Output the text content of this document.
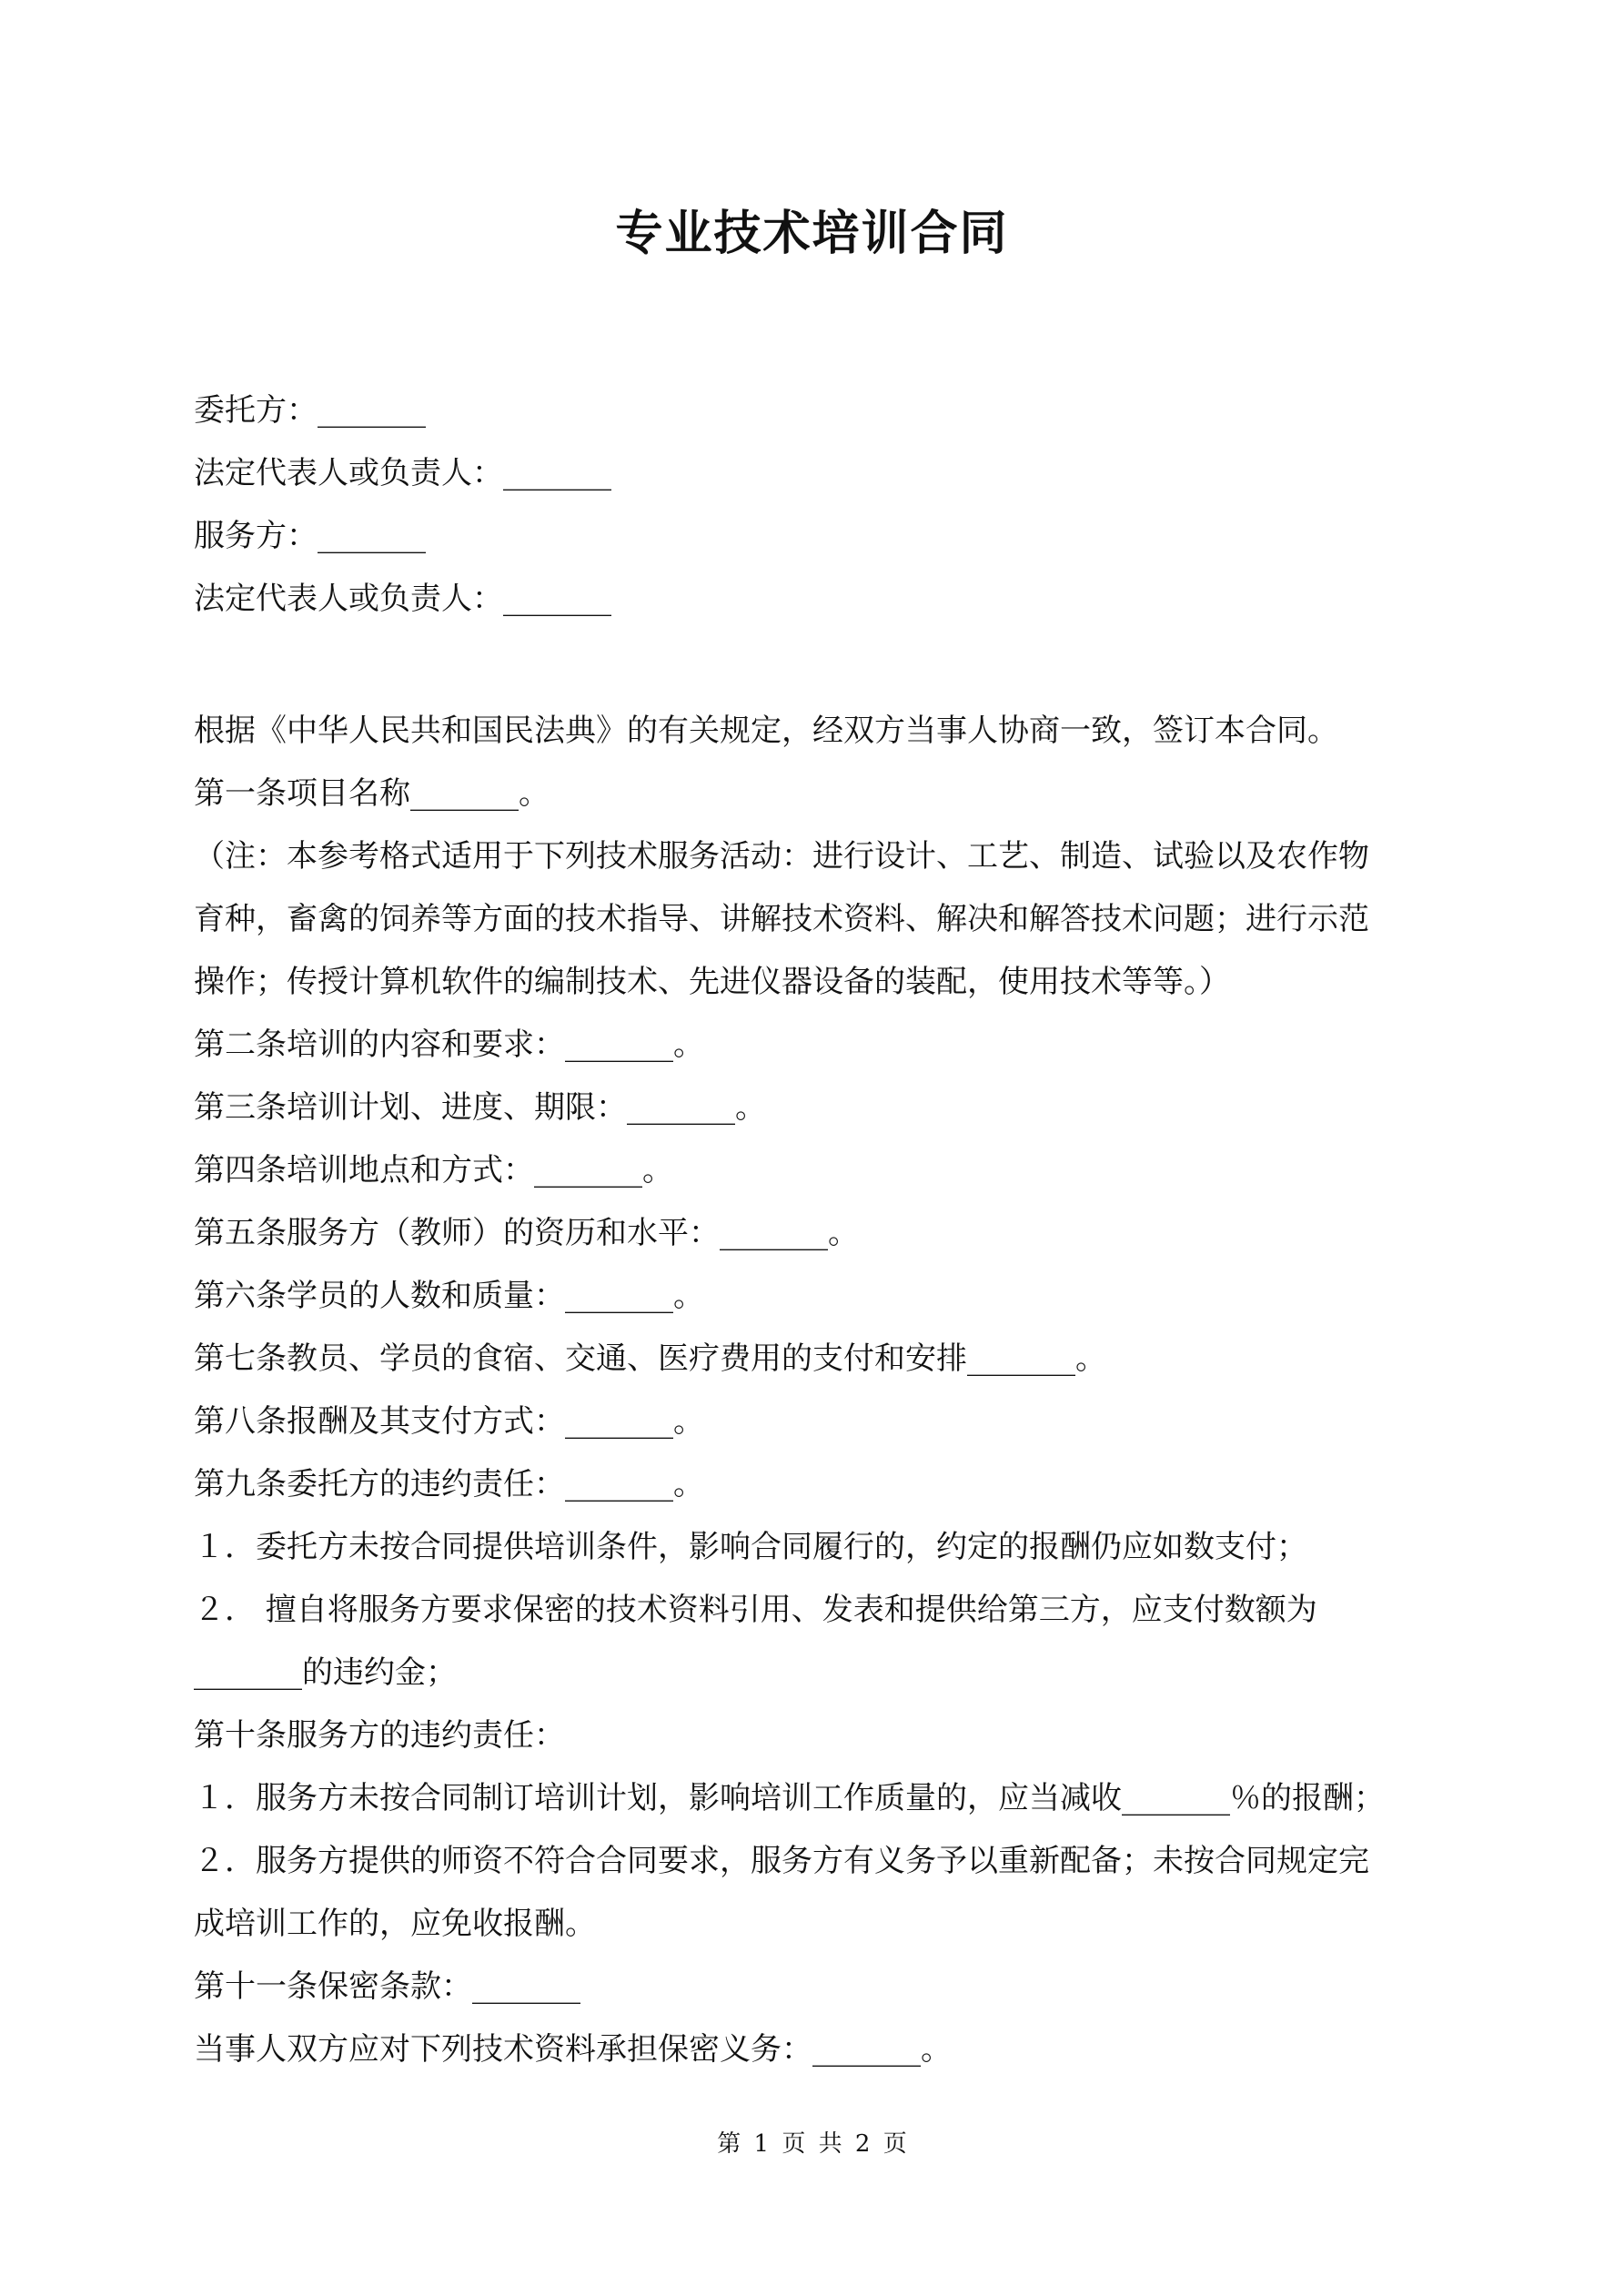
专业技术培训合同
委托方：_______
法定代表人或负责人：_______
服务方：_______
法定代表人或负责人：_______
根据《中华人民共和国民法典》的有关规定，经双方当事人协商一致，签订本合同。
第一条项目名称_______。
（注：本参考格式适用于下列技术服务活动：进行设计、工艺、制造、试验以及农作物
育种，畜禽的饲养等方面的技术指导、讲解技术资料、解决和解答技术问题；进行示范
操作；传授计算机软件的编制技术、先进仪器设备的装配，使用技术等等。）
第二条培训的内容和要求：_______。
第三条培训计划、进度、期限：_______。
第四条培训地点和方式：_______。
第五条服务方（教师）的资历和水平：_______。
第六条学员的人数和质量：_______。
第七条教员、学员的食宿、交通、医疗费用的支付和安排_______。
第八条报酬及其支付方式：_______。
第九条委托方的违约责任：_______。
１．委托方未按合同提供培训条件，影响合同履行的，约定的报酬仍应如数支付；
２． 擅自将服务方要求保密的技术资料引用、发表和提供给第三方，应支付数额为
_______的违约金；
第十条服务方的违约责任：
１．服务方未按合同制订培训计划，影响培训工作质量的，应当减收_______％的报酬；
２．服务方提供的师资不符合合同要求，服务方有义务予以重新配备；未按合同规定完
成培训工作的，应免收报酬。
第十一条保密条款：_______
当事人双方应对下列技术资料承担保密义务：_______。
第 1 页 共 2 页
